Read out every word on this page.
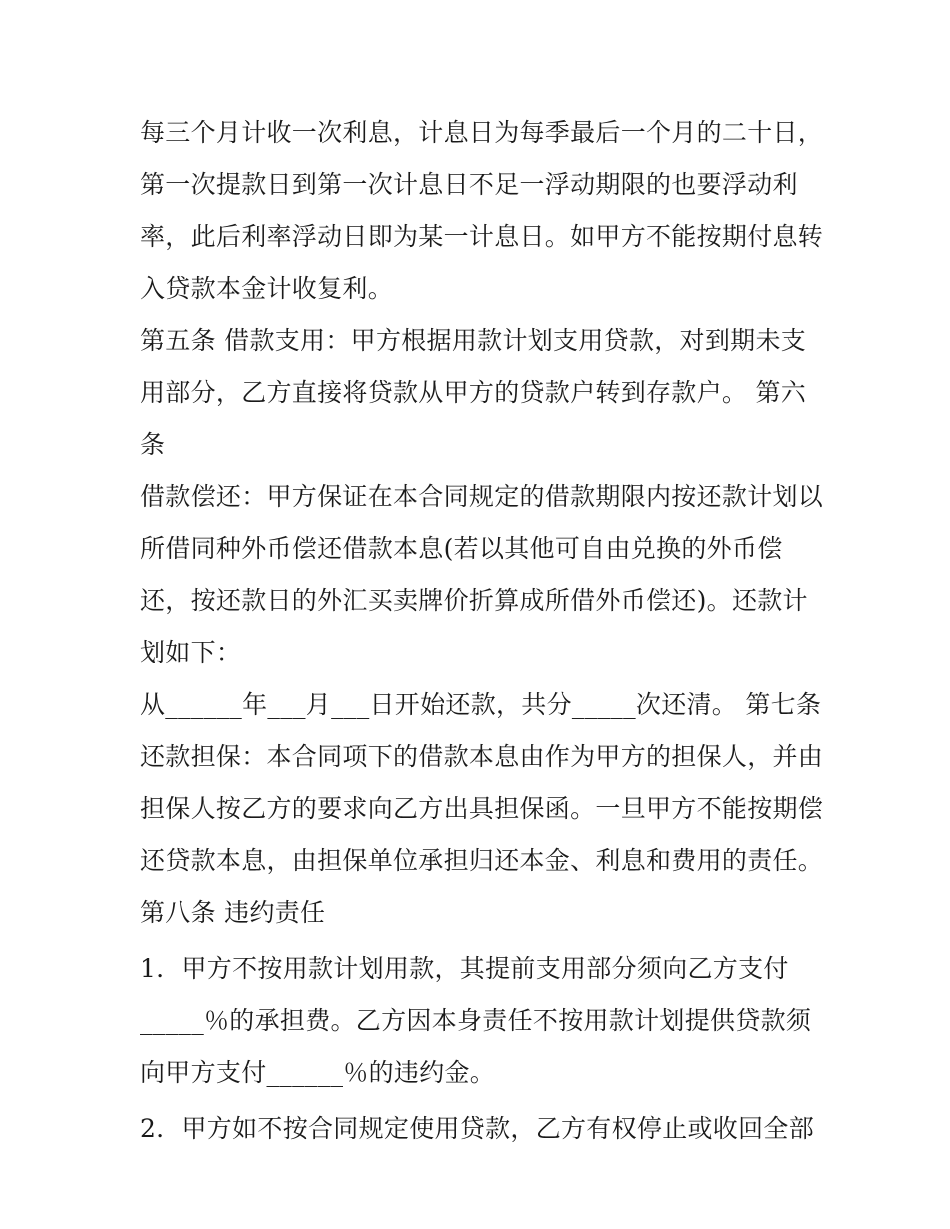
每三个月计收一次利息，计息日为每季最后一个月的二十日，
第一次提款日到第一次计息日不足一浮动期限的也要浮动利
率，此后利率浮动日即为某一计息日。如甲方不能按期付息转
入贷款本金计收复利。
第五条 借款支用：甲方根据用款计划支用贷款，对到期未支
用部分，乙方直接将贷款从甲方的贷款户转到存款户。 第六
条
借款偿还：甲方保证在本合同规定的借款期限内按还款计划以
所借同种外币偿还借款本息(若以其他可自由兑换的外币偿
还，按还款日的外汇买卖牌价折算成所借外币偿还)。还款计
划如下：
从______年___月___日开始还款，共分_____次还清。 第七条
还款担保：本合同项下的借款本息由作为甲方的担保人，并由
担保人按乙方的要求向乙方出具担保函。一旦甲方不能按期偿
还贷款本息，由担保单位承担归还本金、利息和费用的责任。
第八条 违约责任
1．甲方不按用款计划用款，其提前支用部分须向乙方支付
_____％的承担费。乙方因本身责任不按用款计划提供贷款须
向甲方支付______％的违约金。
2．甲方如不按合同规定使用贷款，乙方有权停止或收回全部
